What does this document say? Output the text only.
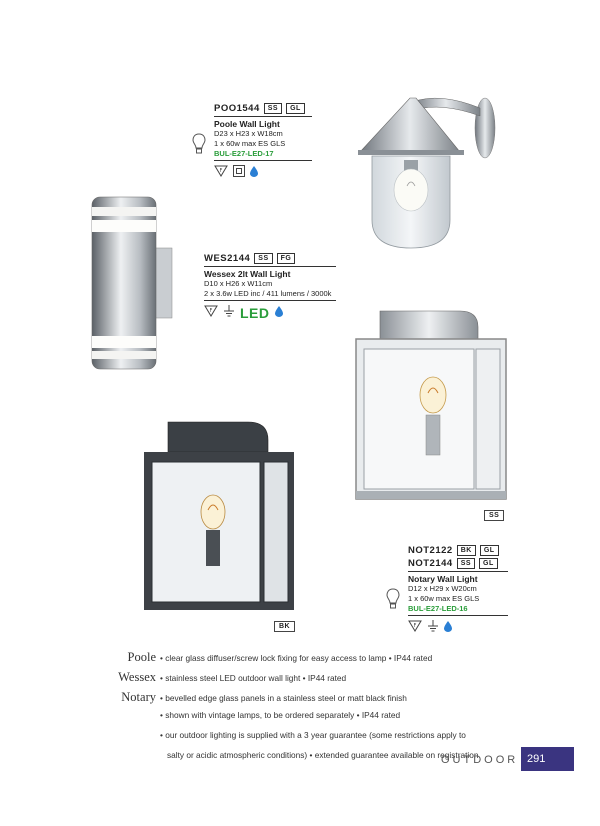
POO1544	SS	GL
Poole Wall Light
D23 x H23 x W18cm
1 x 60w max ES GLS
BUL-E27-LED-17
F
WES2144	SS	FG
Wessex 2lt Wall Light
D10 x H26 x W11cm
2 x 3.6w LED inc / 411 lumens / 3000k
F LED
SS
BK
NOT2122	BK	GL
NOT2144	SS	GL
Notary Wall Light
D12 x H29 x W20cm
1 x 60w max ES GLS
BUL-E27-LED-16
F
Poole • clear glass diffuser/screw lock fixing for easy access to lamp • IP44 rated
Wessex • stainless steel LED outdoor wall light • IP44 rated
Notary • bevelled edge glass panels in a stainless steel or matt black finish
• shown with vintage lamps, to be ordered separately • IP44 rated
• our outdoor lighting is supplied with a 3 year guarantee (some restrictions apply to
salty or acidic atmospheric conditions) • extended guarantee available on registration
OUTDOOR 291
